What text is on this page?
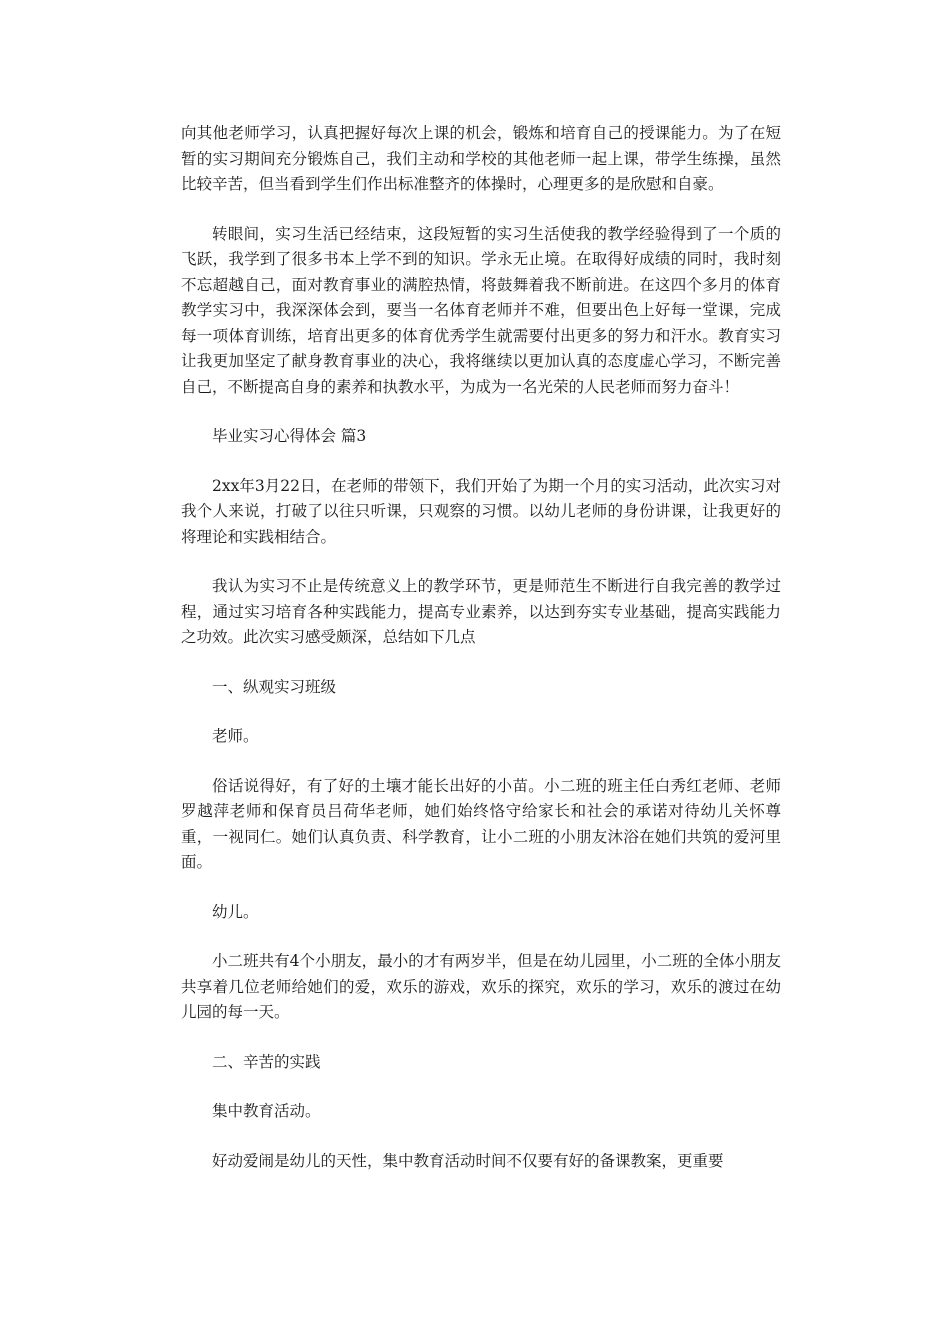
向其他老师学习，认真把握好每次上课的机会，锻炼和培育自己的授课能力。为了在短暂的实习期间充分锻炼自己，我们主动和学校的其他老师一起上课，带学生练操，虽然比较辛苦，但当看到学生们作出标准整齐的体操时，心理更多的是欣慰和自豪。

转眼间，实习生活已经结束，这段短暂的实习生活使我的教学经验得到了一个质的飞跃，我学到了很多书本上学不到的知识。学永无止境。在取得好成绩的同时，我时刻不忘超越自己，面对教育事业的满腔热情，将鼓舞着我不断前进。在这四个多月的体育教学实习中，我深深体会到，要当一名体育老师并不难，但要出色上好每一堂课，完成每一项体育训练，培育出更多的体育优秀学生就需要付出更多的努力和汗水。教育实习让我更加坚定了献身教育事业的决心，我将继续以更加认真的态度虚心学习，不断完善自己，不断提高自身的素养和执教水平，为成为一名光荣的人民老师而努力奋斗！

毕业实习心得体会 篇3

2xx年3月22日，在老师的带领下，我们开始了为期一个月的实习活动，此次实习对我个人来说，打破了以往只听课，只观察的习惯。以幼儿老师的身份讲课，让我更好的将理论和实践相结合。

我认为实习不止是传统意义上的教学环节，更是师范生不断进行自我完善的教学过程，通过实习培育各种实践能力，提高专业素养，以达到夯实专业基础，提高实践能力之功效。此次实习感受颇深，总结如下几点

一、纵观实习班级

老师。

俗话说得好，有了好的土壤才能长出好的小苗。小二班的班主任白秀红老师、老师罗越萍老师和保育员吕荷华老师，她们始终恪守给家长和社会的承诺对待幼儿关怀尊重，一视同仁。她们认真负责、科学教育，让小二班的小朋友沐浴在她们共筑的爱河里面。

幼儿。

小二班共有4个小朋友，最小的才有两岁半，但是在幼儿园里，小二班的全体小朋友共享着几位老师给她们的爱，欢乐的游戏，欢乐的探究，欢乐的学习，欢乐的渡过在幼儿园的每一天。

二、辛苦的实践

集中教育活动。

好动爱闹是幼儿的天性，集中教育活动时间不仅要有好的备课教案，更重要
